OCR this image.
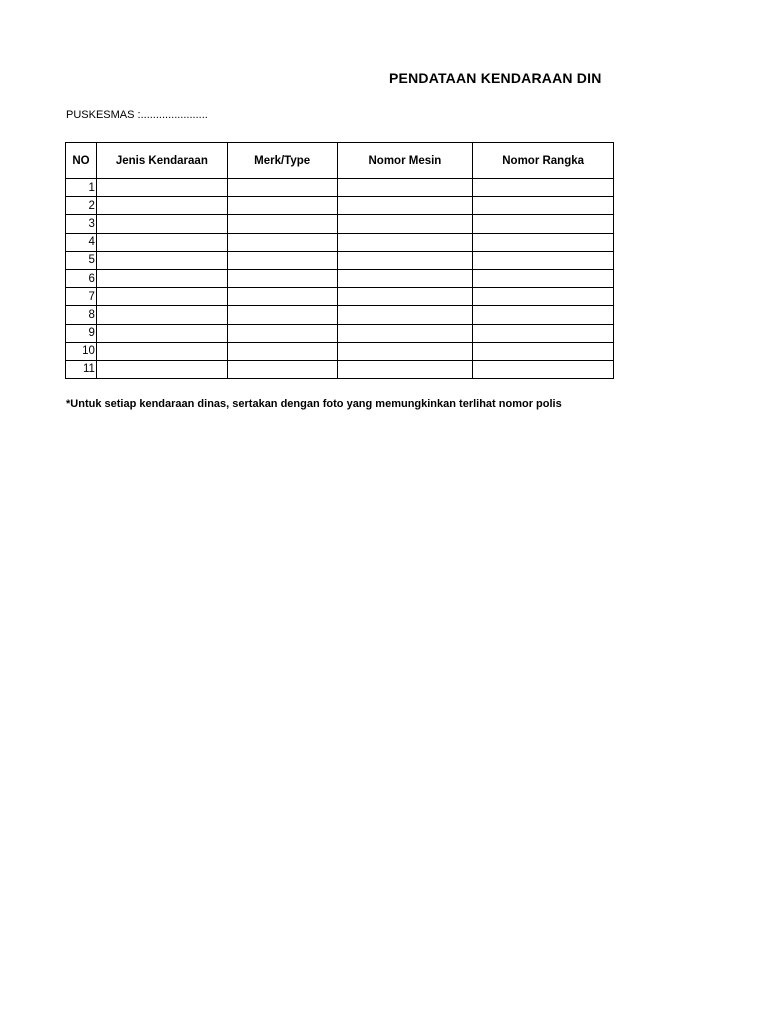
PENDATAAN KENDARAAN DIN
PUSKESMAS :......................
NO	Jenis Kendaraan	Merk/Type	Nomor Mesin	Nomor Rangka
1				
2				
3				
4				
5				
6				
7				
8				
9				
10				
11				
*Untuk setiap kendaraan dinas, sertakan dengan foto yang memungkinkan terlihat nomor polis
